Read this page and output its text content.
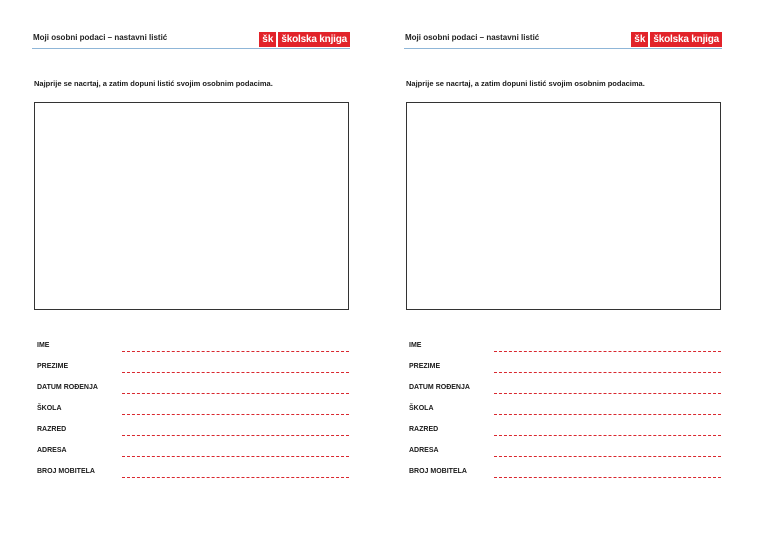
Moji osobni podaci – nastavni listić	šk školska knjiga
Najprije se nacrtaj, a zatim dopuni listić svojim osobnim podacima.
IME
PREZIME
DATUM ROĐENJA
ŠKOLA
RAZRED
ADRESA
BROJ MOBITELA
Moji osobni podaci – nastavni listić	šk školska knjiga
Najprije se nacrtaj, a zatim dopuni listić svojim osobnim podacima.
IME
PREZIME
DATUM ROĐENJA
ŠKOLA
RAZRED
ADRESA
BROJ MOBITELA
